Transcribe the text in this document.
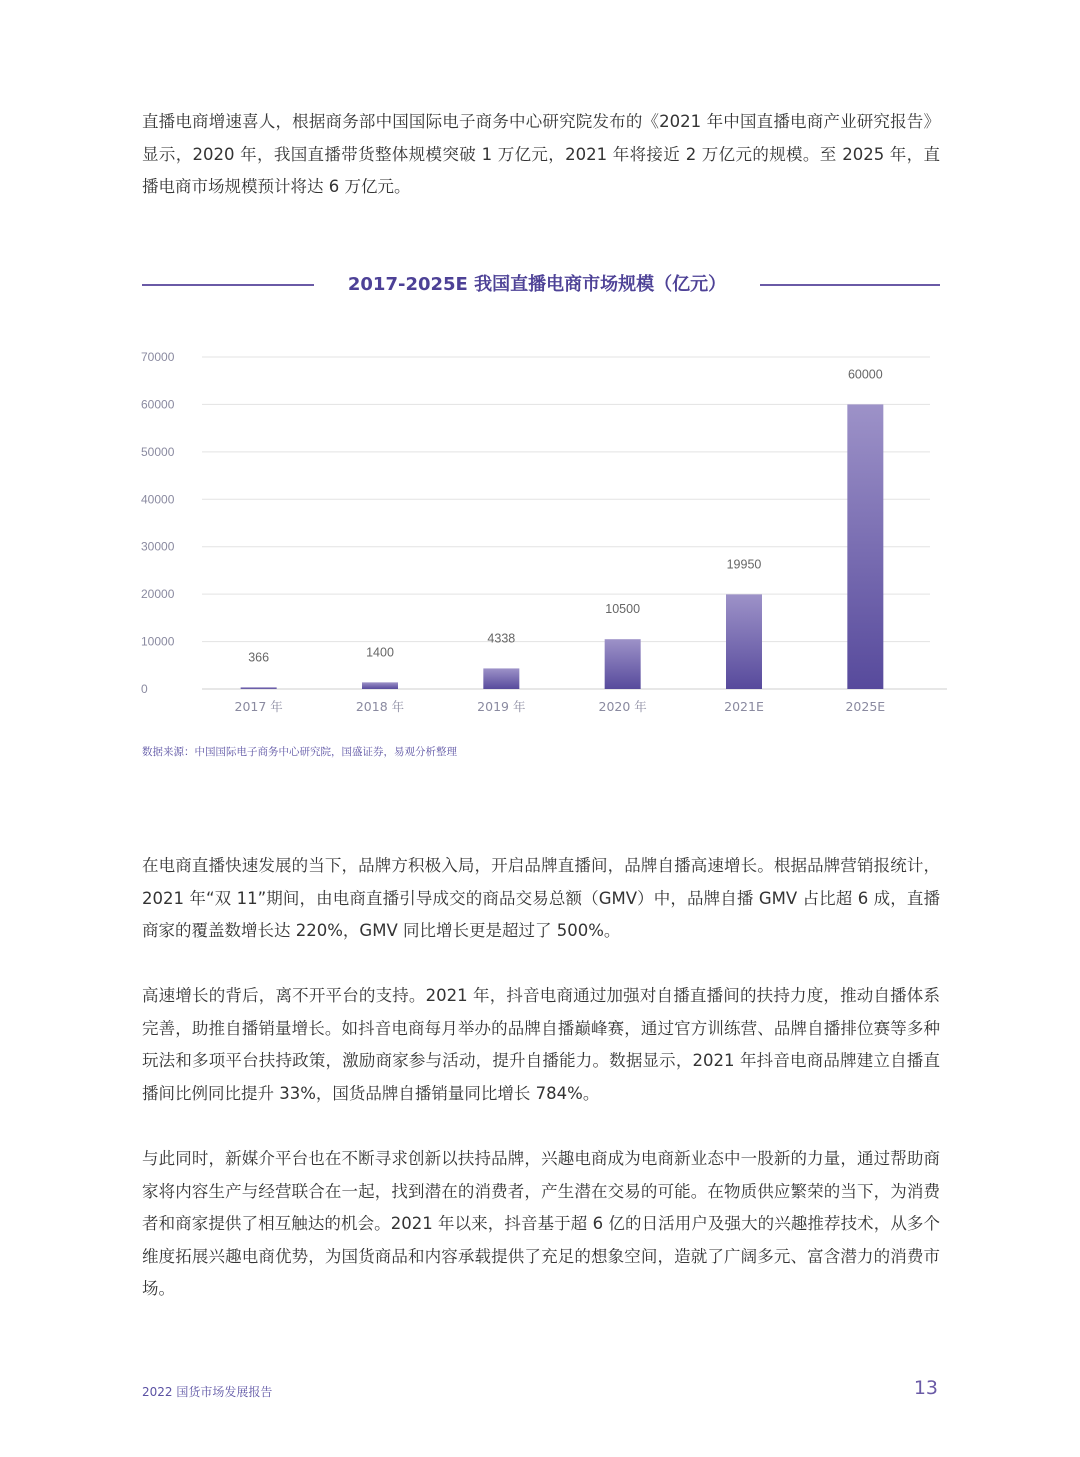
直播电商增速喜人，根据商务部中国国际电子商务中心研究院发布的《2021 年中国直播电商产业研究报告》显示，2020 年，我国直播带货整体规模突破 1 万亿元，2021 年将接近 2 万亿元的规模。至 2025 年，直播电商市场规模预计将达 6 万亿元。

2017-2025E 我国直播电商市场规模（亿元）
0
10000
20000
30000
40000
50000
60000
70000
366
2017 年
1400
2018 年
4338
2019 年
10500
2020 年
19950
2021E
60000
2025E

数据来源：中国国际电子商务中心研究院，国盛证券，易观分析整理

在电商直播快速发展的当下，品牌方积极入局，开启品牌直播间，品牌自播高速增长。根据品牌营销报统计，2021 年“双 11”期间，由电商直播引导成交的商品交易总额（GMV）中，品牌自播 GMV 占比超 6 成，直播商家的覆盖数增长达 220%，GMV 同比增长更是超过了 500%。

高速增长的背后，离不开平台的支持。2021 年，抖音电商通过加强对自播直播间的扶持力度，推动自播体系完善，助推自播销量增长。如抖音电商每月举办的品牌自播巅峰赛，通过官方训练营、品牌自播排位赛等多种玩法和多项平台扶持政策，激励商家参与活动，提升自播能力。数据显示，2021 年抖音电商品牌建立自播直播间比例同比提升 33%，国货品牌自播销量同比增长 784%。

与此同时，新媒介平台也在不断寻求创新以扶持品牌，兴趣电商成为电商新业态中一股新的力量，通过帮助商家将内容生产与经营联合在一起，找到潜在的消费者，产生潜在交易的可能。在物质供应繁荣的当下，为消费者和商家提供了相互触达的机会。2021 年以来，抖音基于超 6 亿的日活用户及强大的兴趣推荐技术，从多个维度拓展兴趣电商优势，为国货商品和内容承载提供了充足的想象空间，造就了广阔多元、富含潜力的消费市场。

2022 国货市场发展报告	13
